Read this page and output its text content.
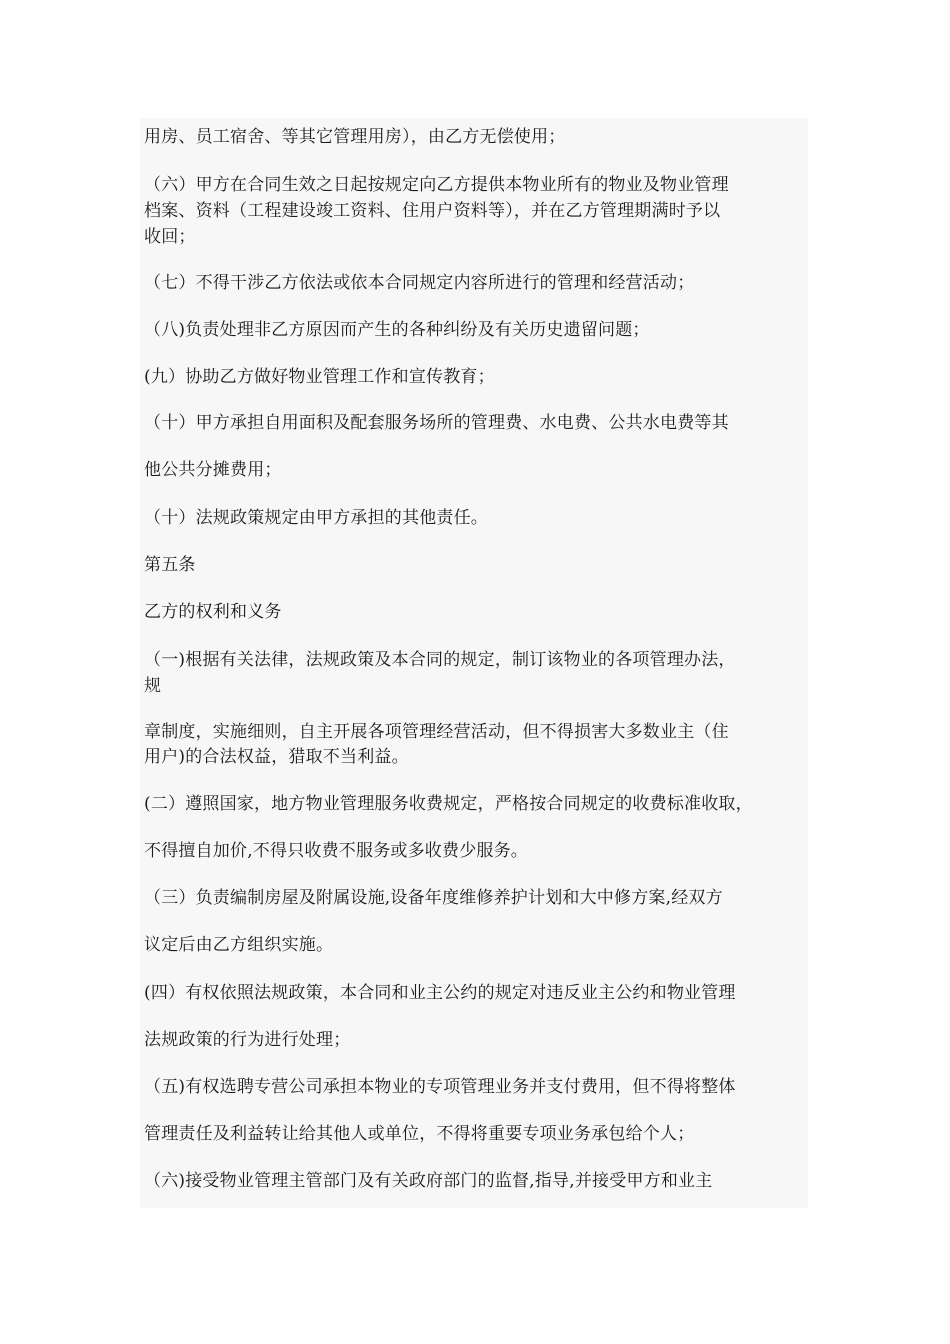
用房、员工宿舍、等其它管理用房），由乙方无偿使用；
（六）甲方在合同生效之日起按规定向乙方提供本物业所有的物业及物业管理
档案、资料（工程建设竣工资料、住用户资料等），并在乙方管理期满时予以
收回；
（七）不得干涉乙方依法或依本合同规定内容所进行的管理和经营活动；
（八)负责处理非乙方原因而产生的各种纠纷及有关历史遗留问题；
(九）协助乙方做好物业管理工作和宣传教育；
（十）甲方承担自用面积及配套服务场所的管理费、水电费、公共水电费等其
他公共分摊费用；
（十）法规政策规定由甲方承担的其他责任。
第五条
乙方的权利和义务
（一)根据有关法律，法规政策及本合同的规定，制订该物业的各项管理办法，
规
章制度，实施细则，自主开展各项管理经营活动，但不得损害大多数业主（住
用户)的合法权益，猎取不当利益。
(二）遵照国家，地方物业管理服务收费规定，严格按合同规定的收费标准收取，
不得擅自加价,不得只收费不服务或多收费少服务。
（三）负责编制房屋及附属设施,设备年度维修养护计划和大中修方案,经双方
议定后由乙方组织实施。
(四）有权依照法规政策，本合同和业主公约的规定对违反业主公约和物业管理
法规政策的行为进行处理；
（五)有权选聘专营公司承担本物业的专项管理业务并支付费用，但不得将整体
管理责任及利益转让给其他人或单位，不得将重要专项业务承包给个人；
（六)接受物业管理主管部门及有关政府部门的监督,指导,并接受甲方和业主
